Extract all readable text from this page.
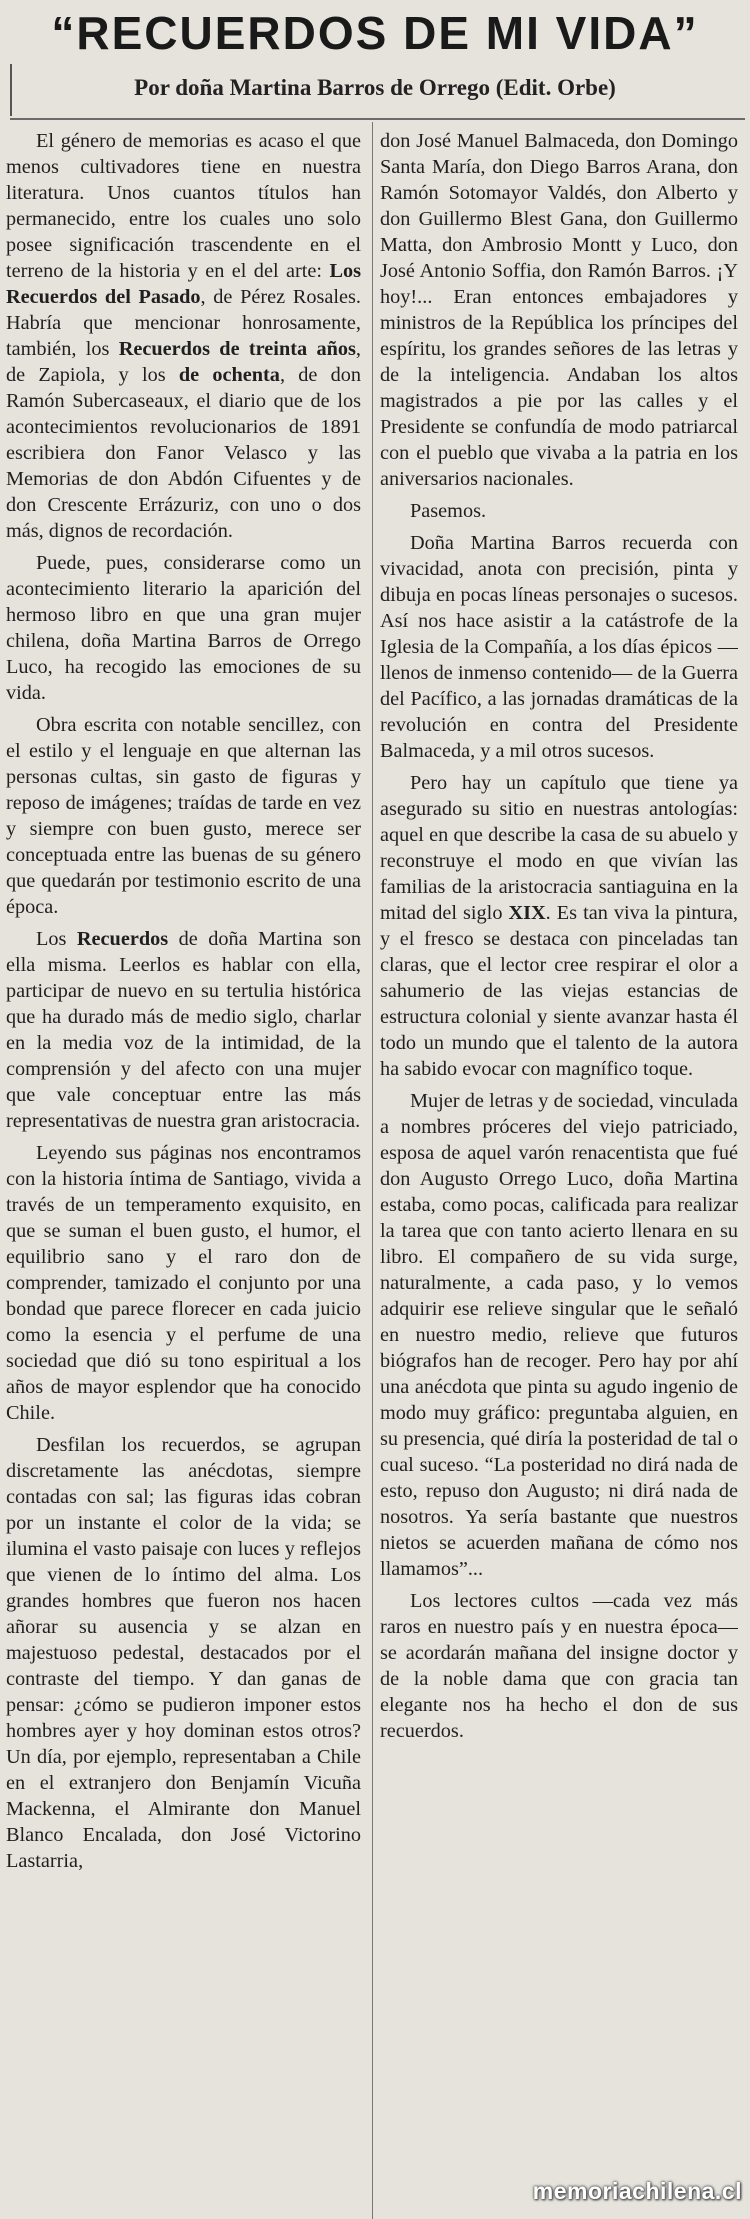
“RECUERDOS DE MI VIDA”

Por doña Martina Barros de Orrego (Edit. Orbe)

El género de memorias es acaso el que menos cultivadores tiene en nuestra literatura. Unos cuantos títulos han permanecido, entre los cuales uno solo posee significación trascendente en el terreno de la historia y en el del arte: Los Recuerdos del Pasado, de Pérez Rosales. Habría que mencionar honrosamente, también, los Recuerdos de treinta años, de Zapiola, y los de ochenta, de don Ramón Subercaseaux, el diario que de los acontecimientos revolucionarios de 1891 escribiera don Fanor Velasco y las Memorias de don Abdón Cifuentes y de don Crescente Errázuriz, con uno o dos más, dignos de recordación.

Puede, pues, considerarse como un acontecimiento literario la aparición del hermoso libro en que una gran mujer chilena, doña Martina Barros de Orrego Luco, ha recogido las emociones de su vida.

Obra escrita con notable sencillez, con el estilo y el lenguaje en que alternan las personas cultas, sin gasto de figuras y reposo de imágenes; traídas de tarde en vez y siempre con buen gusto, merece ser conceptuada entre las buenas de su género que quedarán por testimonio escrito de una época.

Los Recuerdos de doña Martina son ella misma. Leerlos es hablar con ella, participar de nuevo en su tertulia histórica que ha durado más de medio siglo, charlar en la media voz de la intimidad, de la comprensión y del afecto con una mujer que vale conceptuar entre las más representativas de nuestra gran aristocracia.

Leyendo sus páginas nos encontramos con la historia íntima de Santiago, vivida a través de un temperamento exquisito, en que se suman el buen gusto, el humor, el equilibrio sano y el raro don de comprender, tamizado el conjunto por una bondad que parece florecer en cada juicio como la esencia y el perfume de una sociedad que dió su tono espiritual a los años de mayor esplendor que ha conocido Chile.

Desfilan los recuerdos, se agrupan discretamente las anécdotas, siempre contadas con sal; las figuras idas cobran por un instante el color de la vida; se ilumina el vasto paisaje con luces y reflejos que vienen de lo íntimo del alma. Los grandes hombres que fueron nos hacen añorar su ausencia y se alzan en majestuoso pedestal, destacados por el contraste del tiempo. Y dan ganas de pensar: ¿cómo se pudieron imponer estos hombres ayer y hoy dominan estos otros? Un día, por ejemplo, representaban a Chile en el extranjero don Benjamín Vicuña Mackenna, el Almirante don Manuel Blanco Encalada, don José Victorino Lastarria,

don José Manuel Balmaceda, don Domingo Santa María, don Diego Barros Arana, don Ramón Sotomayor Valdés, don Alberto y don Guillermo Blest Gana, don Guillermo Matta, don Ambrosio Montt y Luco, don José Antonio Soffia, don Ramón Barros. ¡Y hoy!... Eran entonces embajadores y ministros de la República los príncipes del espíritu, los grandes señores de las letras y de la inteligencia. Andaban los altos magistrados a pie por las calles y el Presidente se confundía de modo patriarcal con el pueblo que vivaba a la patria en los aniversarios nacionales.

Pasemos.

Doña Martina Barros recuerda con vivacidad, anota con precisión, pinta y dibuja en pocas líneas personajes o sucesos. Así nos hace asistir a la catástrofe de la Iglesia de la Compañía, a los días épicos —llenos de inmenso contenido— de la Guerra del Pacífico, a las jornadas dramáticas de la revolución en contra del Presidente Balmaceda, y a mil otros sucesos.

Pero hay un capítulo que tiene ya asegurado su sitio en nuestras antologías: aquel en que describe la casa de su abuelo y reconstruye el modo en que vivían las familias de la aristocracia santiaguina en la mitad del siglo XIX. Es tan viva la pintura, y el fresco se destaca con pinceladas tan claras, que el lector cree respirar el olor a sahumerio de las viejas estancias de estructura colonial y siente avanzar hasta él todo un mundo que el talento de la autora ha sabido evocar con magnífico toque.

Mujer de letras y de sociedad, vinculada a nombres próceres del viejo patriciado, esposa de aquel varón renacentista que fué don Augusto Orrego Luco, doña Martina estaba, como pocas, calificada para realizar la tarea que con tanto acierto llenara en su libro. El compañero de su vida surge, naturalmente, a cada paso, y lo vemos adquirir ese relieve singular que le señaló en nuestro medio, relieve que futuros biógrafos han de recoger. Pero hay por ahí una anécdota que pinta su agudo ingenio de modo muy gráfico: preguntaba alguien, en su presencia, qué diría la posteridad de tal o cual suceso. “La posteridad no dirá nada de esto, repuso don Augusto; ni dirá nada de nosotros. Ya sería bastante que nuestros nietos se acuerden mañana de cómo nos llamamos”...

Los lectores cultos —cada vez más raros en nuestro país y en nuestra época— se acordarán mañana del insigne doctor y de la noble dama que con gracia tan elegante nos ha hecho el don de sus recuerdos.

memoriachilena.cl
